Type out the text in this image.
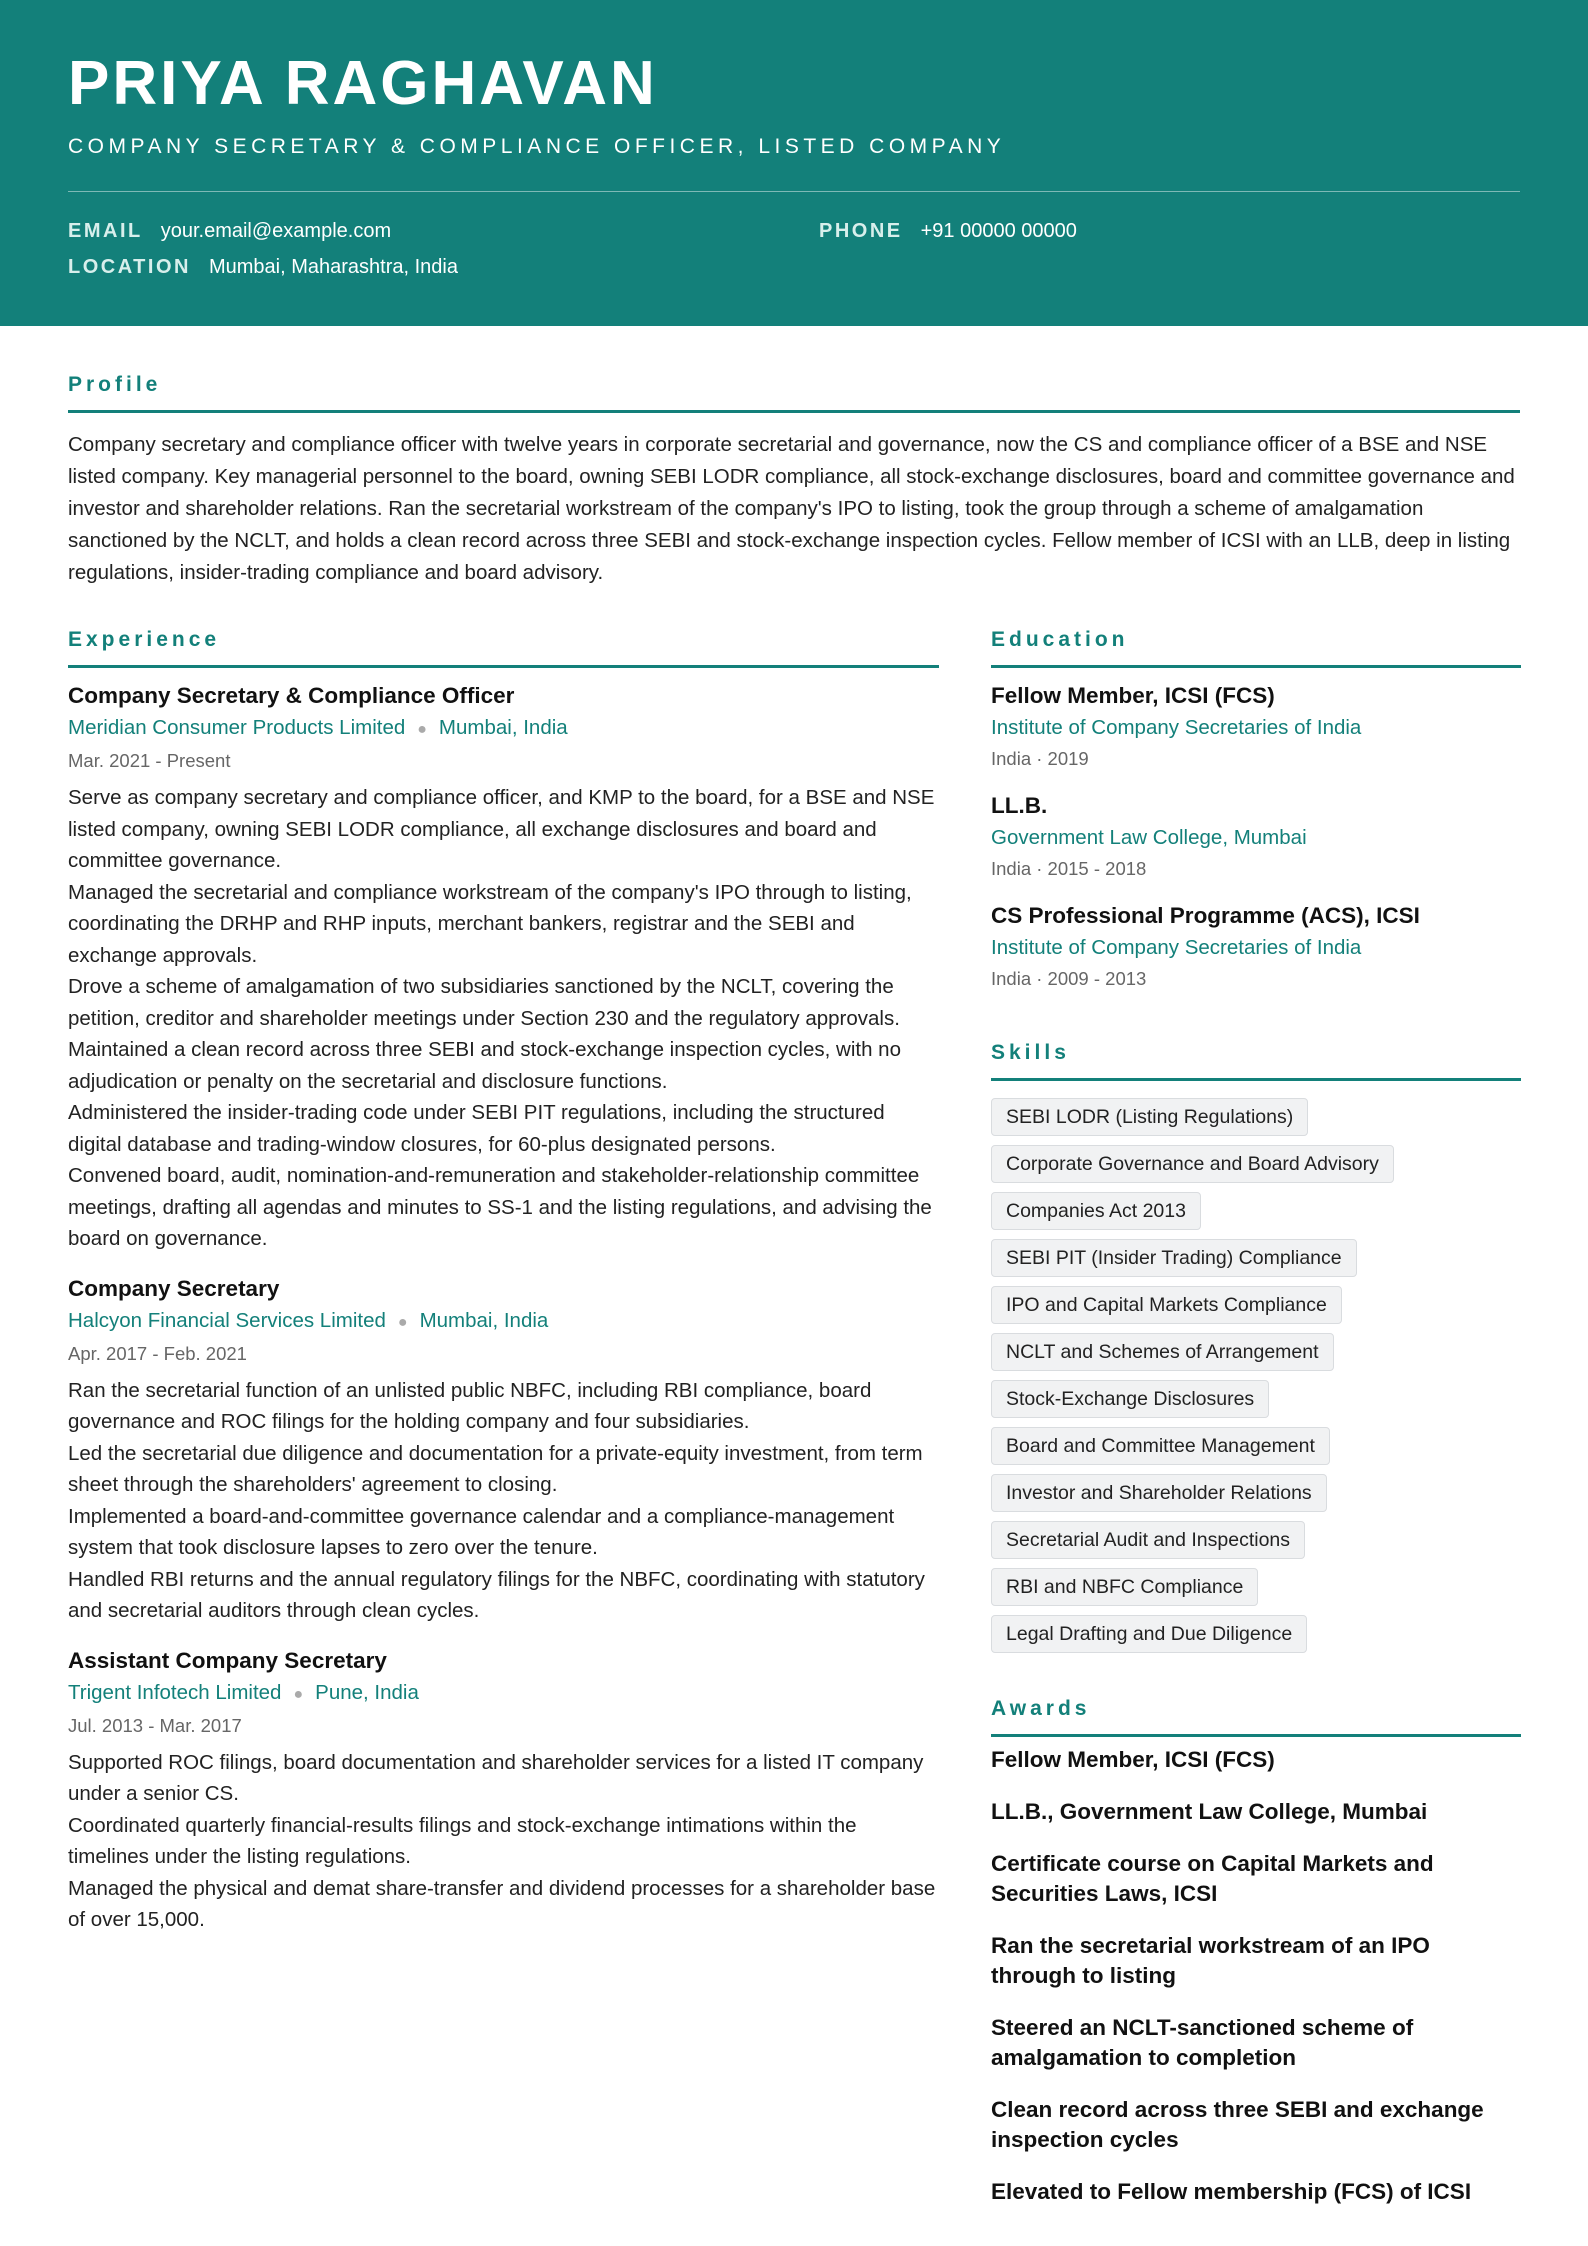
PRIYA RAGHAVAN
COMPANY SECRETARY & COMPLIANCE OFFICER, LISTED COMPANY
EMAIL your.email@example.com	PHONE +91 00000 00000
LOCATION Mumbai, Maharashtra, India
Profile
Company secretary and compliance officer with twelve years in corporate secretarial and governance, now the CS and compliance officer of a BSE and NSE listed company. Key managerial personnel to the board, owning SEBI LODR compliance, all stock-exchange disclosures, board and committee governance and investor and shareholder relations. Ran the secretarial workstream of the company's IPO to listing, took the group through a scheme of amalgamation sanctioned by the NCLT, and holds a clean record across three SEBI and stock-exchange inspection cycles. Fellow member of ICSI with an LLB, deep in listing regulations, insider-trading compliance and board advisory.
Experience
Company Secretary & Compliance Officer
Meridian Consumer Products Limited ● Mumbai, India
Mar. 2021 - Present
Serve as company secretary and compliance officer, and KMP to the board, for a BSE and NSE listed company, owning SEBI LODR compliance, all exchange disclosures and board and committee governance.
Managed the secretarial and compliance workstream of the company's IPO through to listing, coordinating the DRHP and RHP inputs, merchant bankers, registrar and the SEBI and exchange approvals.
Drove a scheme of amalgamation of two subsidiaries sanctioned by the NCLT, covering the petition, creditor and shareholder meetings under Section 230 and the regulatory approvals.
Maintained a clean record across three SEBI and stock-exchange inspection cycles, with no adjudication or penalty on the secretarial and disclosure functions.
Administered the insider-trading code under SEBI PIT regulations, including the structured digital database and trading-window closures, for 60-plus designated persons.
Convened board, audit, nomination-and-remuneration and stakeholder-relationship committee meetings, drafting all agendas and minutes to SS-1 and the listing regulations, and advising the board on governance.
Company Secretary
Halcyon Financial Services Limited ● Mumbai, India
Apr. 2017 - Feb. 2021
Ran the secretarial function of an unlisted public NBFC, including RBI compliance, board governance and ROC filings for the holding company and four subsidiaries.
Led the secretarial due diligence and documentation for a private-equity investment, from term sheet through the shareholders' agreement to closing.
Implemented a board-and-committee governance calendar and a compliance-management system that took disclosure lapses to zero over the tenure.
Handled RBI returns and the annual regulatory filings for the NBFC, coordinating with statutory and secretarial auditors through clean cycles.
Assistant Company Secretary
Trigent Infotech Limited ● Pune, India
Jul. 2013 - Mar. 2017
Supported ROC filings, board documentation and shareholder services for a listed IT company under a senior CS.
Coordinated quarterly financial-results filings and stock-exchange intimations within the timelines under the listing regulations.
Managed the physical and demat share-transfer and dividend processes for a shareholder base of over 15,000.
Education
Fellow Member, ICSI (FCS)
Institute of Company Secretaries of India
India · 2019
LL.B.
Government Law College, Mumbai
India · 2015 - 2018
CS Professional Programme (ACS), ICSI
Institute of Company Secretaries of India
India · 2009 - 2013
Skills
SEBI LODR (Listing Regulations)
Corporate Governance and Board Advisory
Companies Act 2013
SEBI PIT (Insider Trading) Compliance
IPO and Capital Markets Compliance
NCLT and Schemes of Arrangement
Stock-Exchange Disclosures
Board and Committee Management
Investor and Shareholder Relations
Secretarial Audit and Inspections
RBI and NBFC Compliance
Legal Drafting and Due Diligence
Awards
Fellow Member, ICSI (FCS)
LL.B., Government Law College, Mumbai
Certificate course on Capital Markets and Securities Laws, ICSI
Ran the secretarial workstream of an IPO through to listing
Steered an NCLT-sanctioned scheme of amalgamation to completion
Clean record across three SEBI and exchange inspection cycles
Elevated to Fellow membership (FCS) of ICSI
